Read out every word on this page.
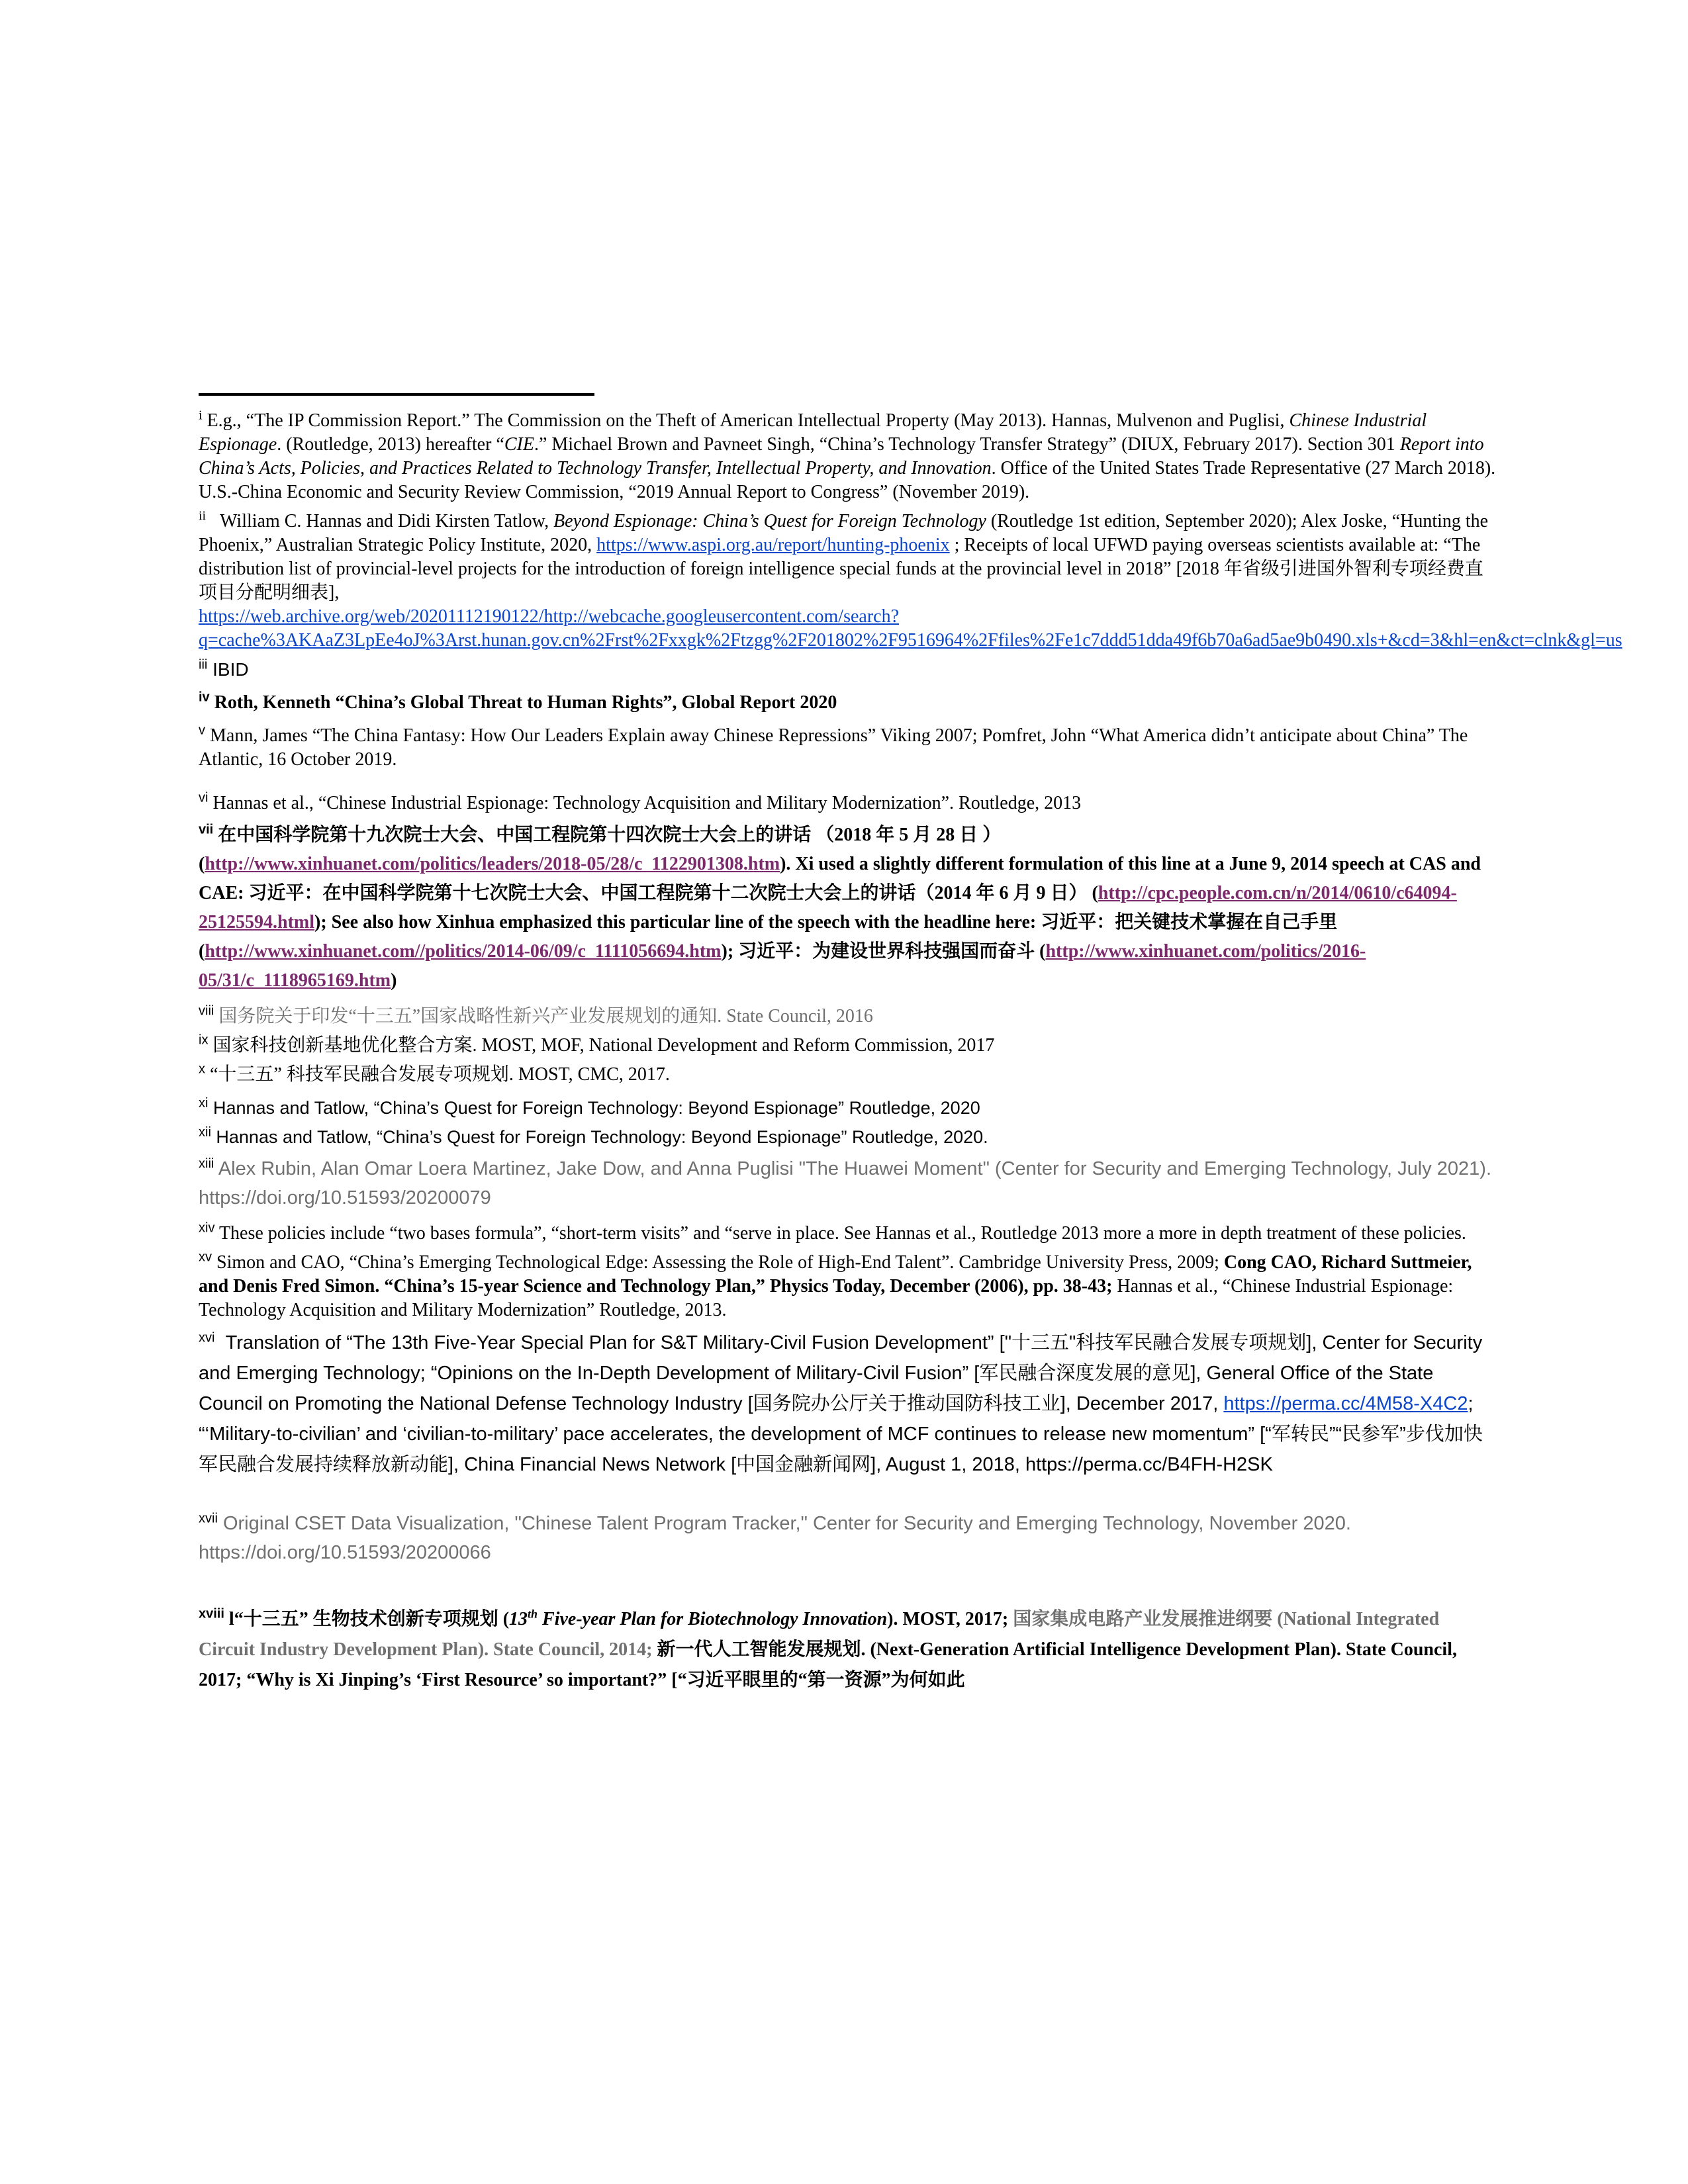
$^i$ E.g., “The IP Commission Report.” The Commission on the Theft of American Intellectual Property (May 2013). Hannas, Mulvenon and Puglisi, Chinese Industrial Espionage. (Routledge, 2013) hereafter “CIE.” Michael Brown and Pavneet Singh, “China’s Technology Transfer Strategy” (DIUX, February 2017). Section 301 Report into China’s Acts, Policies, and Practices Related to Technology Transfer, Intellectual Property, and Innovation. Office of the United States Trade Representative (27 March 2018). U.S.-China Economic and Security Review Commission, “2019 Annual Report to Congress” (November 2019).

$^{ii}$ William C. Hannas and Didi Kirsten Tatlow, Beyond Espionage: China’s Quest for Foreign Technology (Routledge 1st edition, September 2020); Alex Joske, “Hunting the Phoenix,” Australian Strategic Policy Institute, 2020, https://www.aspi.org.au/report/hunting-phoenix ; Receipts of local UFWD paying overseas scientists available at: “The distribution list of provincial-level projects for the introduction of foreign intelligence special funds at the provincial level in 2018” [2018 年省级引进国外智利专项经费直项目分配明细表],
https://web.archive.org/web/20201112190122/http://webcache.googleusercontent.com/search?q=cache%3AKAaZ3LpEe4oJ%3Arst.hunan.gov.cn%2Frst%2Fxxgk%2Ftzgg%2F201802%2F9516964%2Ffiles%2Fe1c7ddd51dda49f6b70a6ad5ae9b0490.xls+&cd=3&hl=en&ct=clnk&gl=us

$^{iii}$ IBID

$^{iv}$ Roth, Kenneth “China’s Global Threat to Human Rights”, Global Report 2020

$^v$ Mann, James “The China Fantasy: How Our Leaders Explain away Chinese Repressions” Viking 2007; Pomfret, John “What America didn’t anticipate about China” The Atlantic, 16 October 2019.

$^{vi}$ Hannas et al., “Chinese Industrial Espionage: Technology Acquisition and Military Modernization”. Routledge, 2013

$^{vii}$ 在中国科学院第十九次院士大会、中国工程院第十四次院士大会上的讲话 （2018 年 5 月 28 日 ）
(http://www.xinhuanet.com/politics/leaders/2018-05/28/c_1122901308.htm). Xi used a slightly different formulation of this line at a June 9, 2014 speech at CAS and CAE: 习近平：在中国科学院第十七次院士大会、中国工程院第十二次院士大会上的讲话（2014 年 6 月 9 日） (http://cpc.people.com.cn/n/2014/0610/c64094-25125594.html); See also how Xinhua emphasized this particular line of the speech with the headline here: 习近平：把关键技术掌握在自己手里 (http://www.xinhuanet.com//politics/2014-06/09/c_1111056694.htm); 习近平：为建设世界科技强国而奋斗 (http://www.xinhuanet.com/politics/2016-05/31/c_1118965169.htm)

$^{viii}$ 国务院关于印发“十三五”国家战略性新兴产业发展规划的通知. State Council, 2016

$^{ix}$ 国家科技创新基地优化整合方案. MOST, MOF, National Development and Reform Commission, 2017

$^x$ “十三五” 科技军民融合发展专项规划. MOST, CMC, 2017.

$^{xi}$ Hannas and Tatlow, “China’s Quest for Foreign Technology: Beyond Espionage” Routledge, 2020

$^{xii}$ Hannas and Tatlow, “China’s Quest for Foreign Technology: Beyond Espionage” Routledge, 2020.

$^{xiii}$ Alex Rubin, Alan Omar Loera Martinez, Jake Dow, and Anna Puglisi "The Huawei Moment" (Center for Security and Emerging Technology, July 2021). https://doi.org/10.51593/20200079

$^{xiv}$ These policies include “two bases formula”, “short-term visits” and “serve in place. See Hannas et al., Routledge 2013 more a more in depth treatment of these policies.

$^{xv}$ Simon and CAO, “China’s Emerging Technological Edge: Assessing the Role of High-End Talent”. Cambridge University Press, 2009; Cong CAO, Richard Suttmeier, and Denis Fred Simon. “China’s 15-year Science and Technology Plan,” Physics Today, December (2006), pp. 38-43; Hannas et al., “Chinese Industrial Espionage: Technology Acquisition and Military Modernization” Routledge, 2013.

$^{xvi}$ Translation of “The 13th Five-Year Special Plan for S&T Military-Civil Fusion Development” ["十三五"科技军民融合发展专项规划], Center for Security and Emerging Technology; “Opinions on the In-Depth Development of Military-Civil Fusion” [军民融合深度发展的意见], General Office of the State Council on Promoting the National Defense Technology Industry [国务院办公厅关于推动国防科技工业], December 2017, https://perma.cc/4M58-X4C2; “‘Military-to-civilian’ and ‘civilian-to-military’ pace accelerates, the development of MCF continues to release new momentum” [“军转民”“民参军”步伐加快军民融合发展持续释放新动能], China Financial News Network [中国金融新闻网], August 1, 2018, https://perma.cc/B4FH-H2SK

$^{xvii}$ Original CSET Data Visualization, "Chinese Talent Program Tracker," Center for Security and Emerging Technology, November 2020. https://doi.org/10.51593/20200066

$^{xviii}$ l“十三五” 生物技术创新专项规划 (13th Five-year Plan for Biotechnology Innovation). MOST, 2017; 国家集成电路产业发展推进纲要 (National Integrated Circuit Industry Development Plan). State Council, 2014; 新一代人工智能发展规划. (Next-Generation Artificial Intelligence Development Plan). State Council, 2017; “Why is Xi Jinping’s ‘First Resource’ so important?” [“习近平眼里的“第一资源”为何如此
